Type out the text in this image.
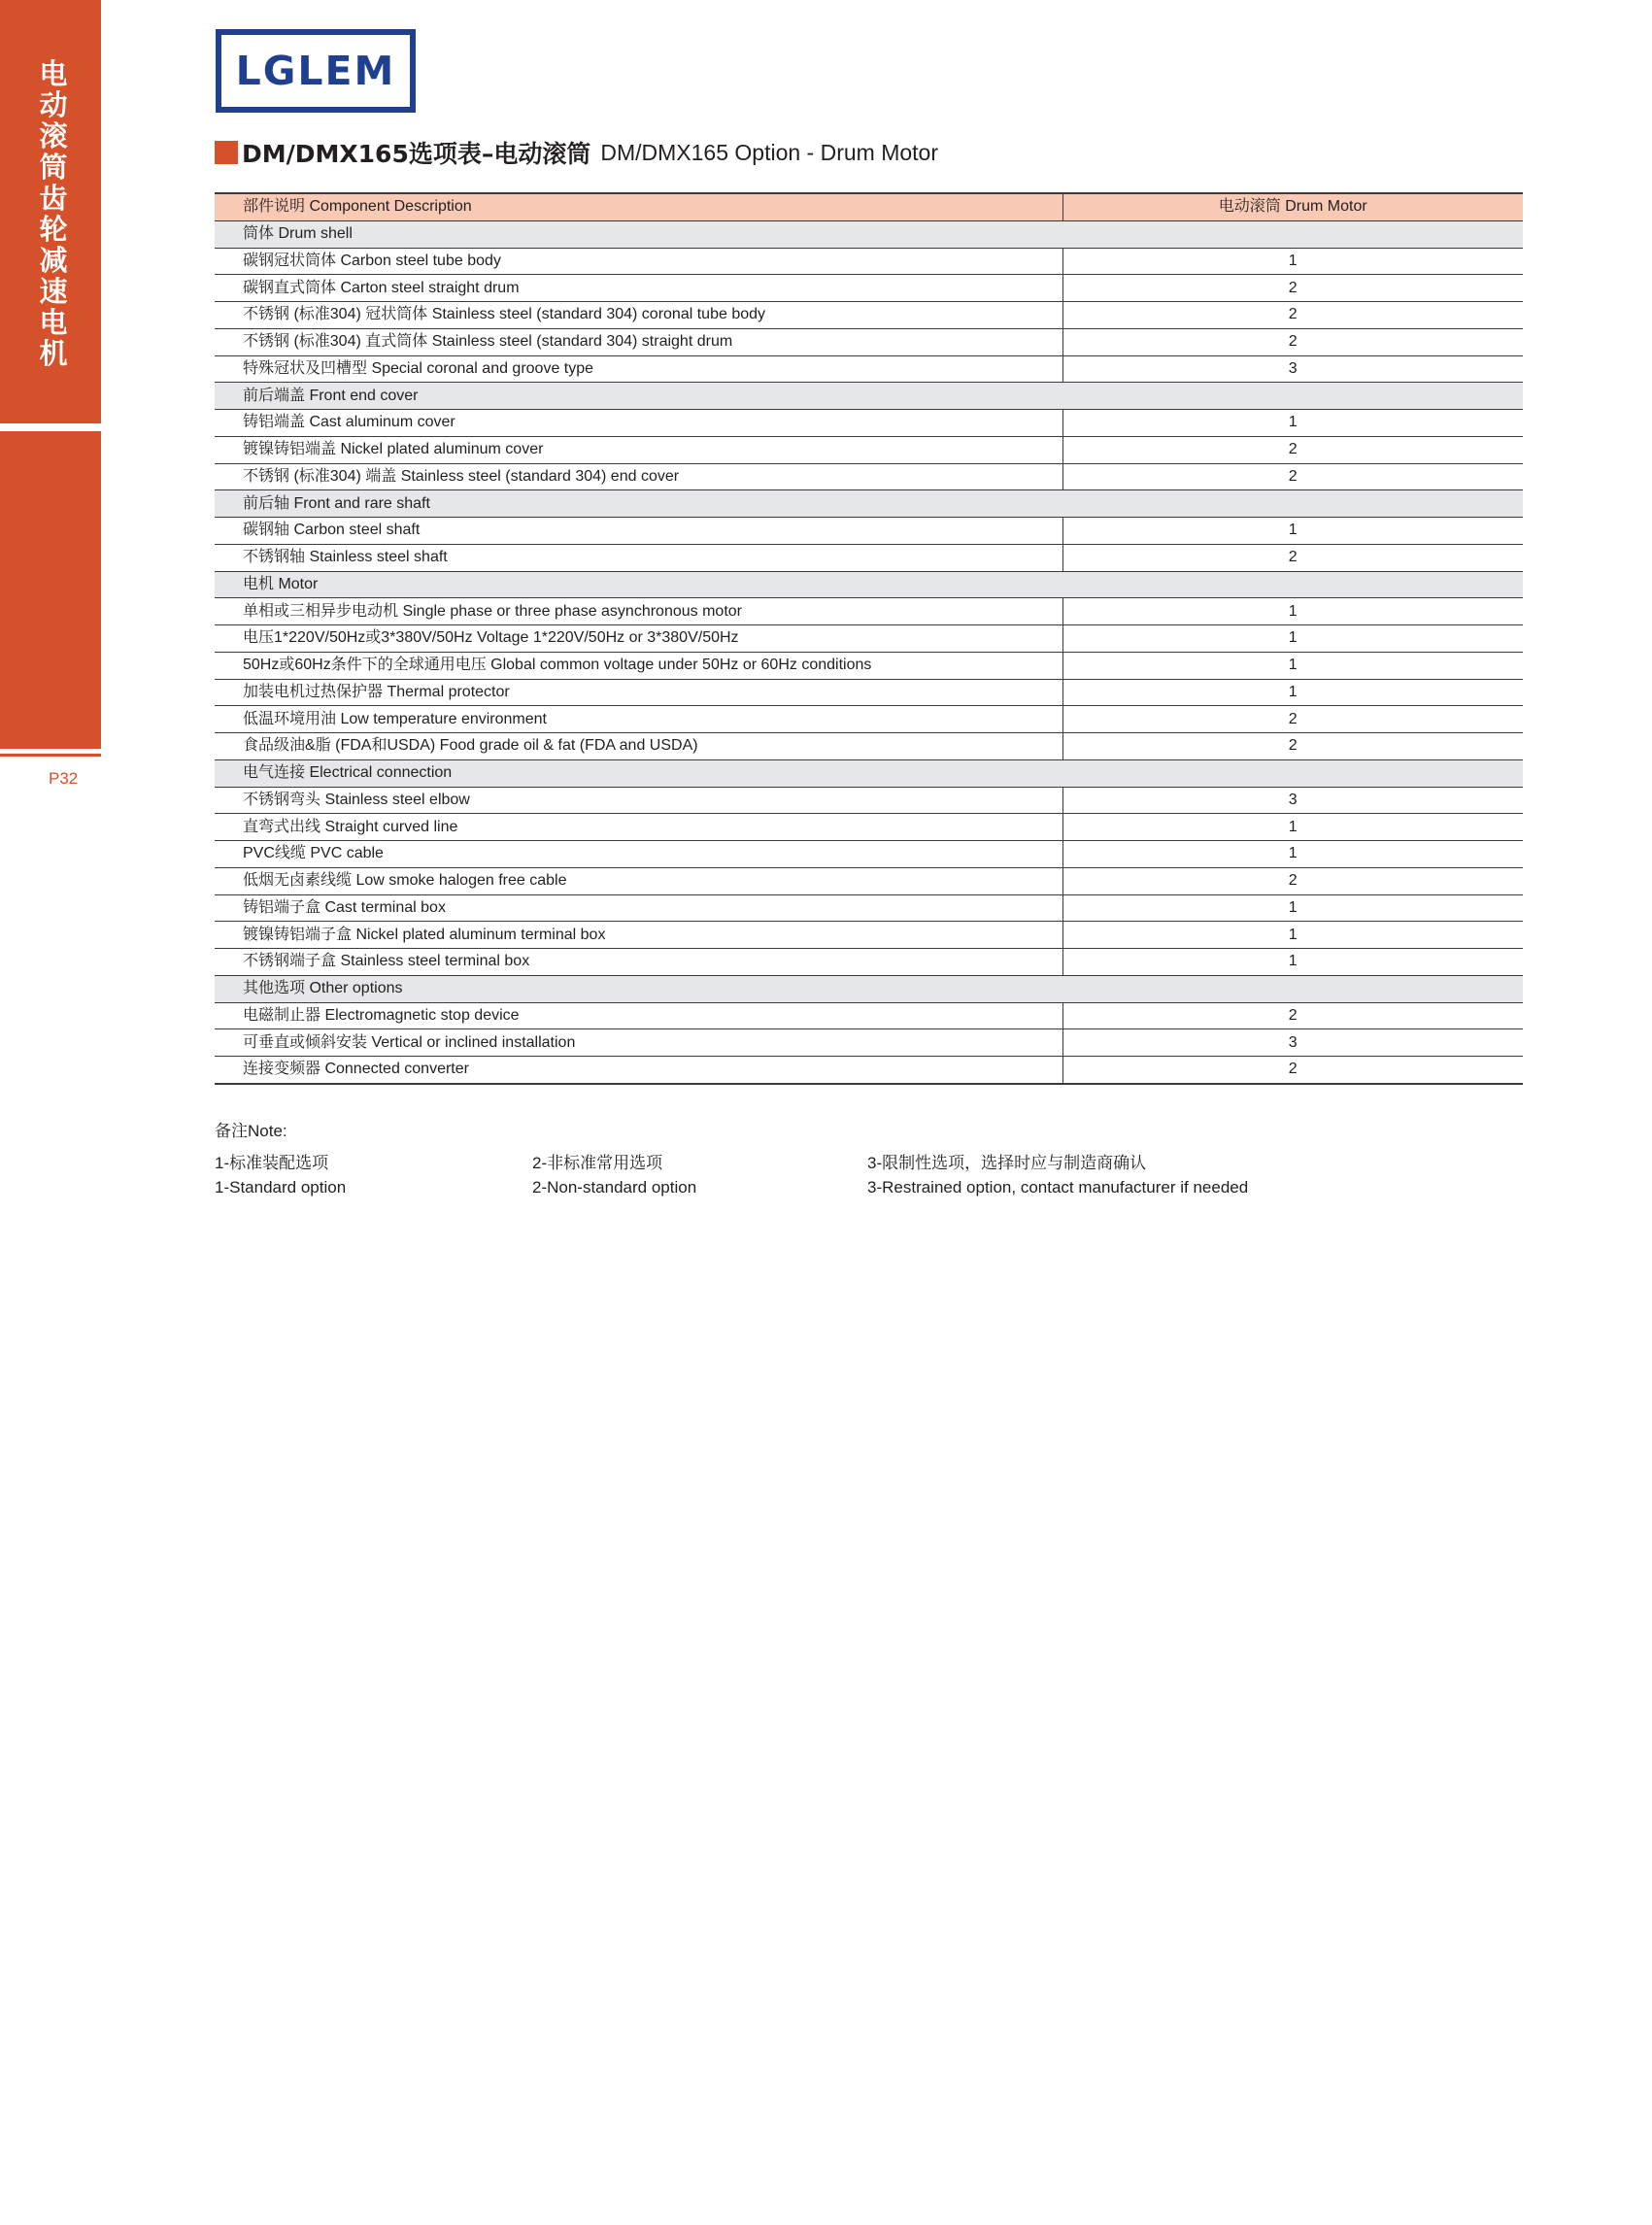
电动滚筒齿轮减速电机
MOTOR ROLLER
P32
LGLEM
DM/DMX165选项表–电动滚筒 DM/DMX165 Option - Drum Motor
部件说明 Component Description	电动滚筒 Drum Motor
筒体 Drum shell	
碳钢冠状筒体 Carbon steel tube body	1
碳钢直式筒体 Carton steel straight drum	2
不锈钢 (标准304) 冠状筒体 Stainless steel (standard 304) coronal tube body	2
不锈钢 (标准304) 直式筒体 Stainless steel (standard 304) straight drum	2
特殊冠状及凹槽型 Special coronal and groove type	3
前后端盖 Front end cover	
铸铝端盖 Cast aluminum cover	1
镀镍铸铝端盖 Nickel plated aluminum cover	2
不锈钢 (标准304) 端盖 Stainless steel (standard 304) end cover	2
前后轴 Front and rare shaft	
碳钢轴 Carbon steel shaft	1
不锈钢轴 Stainless steel shaft	2
电机 Motor	
单相或三相异步电动机 Single phase or three phase asynchronous motor	1
电压1*220V/50Hz或3*380V/50Hz Voltage 1*220V/50Hz or 3*380V/50Hz	1
50Hz或60Hz条件下的全球通用电压 Global common voltage under 50Hz or 60Hz conditions	1
加装电机过热保护器 Thermal protector	1
低温环境用油 Low temperature environment	2
食品级油&脂 (FDA和USDA) Food grade oil & fat (FDA and USDA)	2
电气连接 Electrical connection	
不锈钢弯头 Stainless steel elbow	3
直弯式出线 Straight curved line	1
PVC线缆 PVC cable	1
低烟无卤素线缆 Low smoke halogen free cable	2
铸铝端子盒 Cast terminal box	1
镀镍铸铝端子盒 Nickel plated aluminum terminal box	1
不锈钢端子盒 Stainless steel terminal box	1
其他选项 Other options	
电磁制止器 Electromagnetic stop device	2
可垂直或倾斜安装 Vertical or inclined installation	3
连接变频器 Connected converter	2
备注Note:
1-标准装配选项	2-非标准常用选项	3-限制性选项，选择时应与制造商确认
1-Standard option	2-Non-standard option	3-Restrained option, contact manufacturer if needed
